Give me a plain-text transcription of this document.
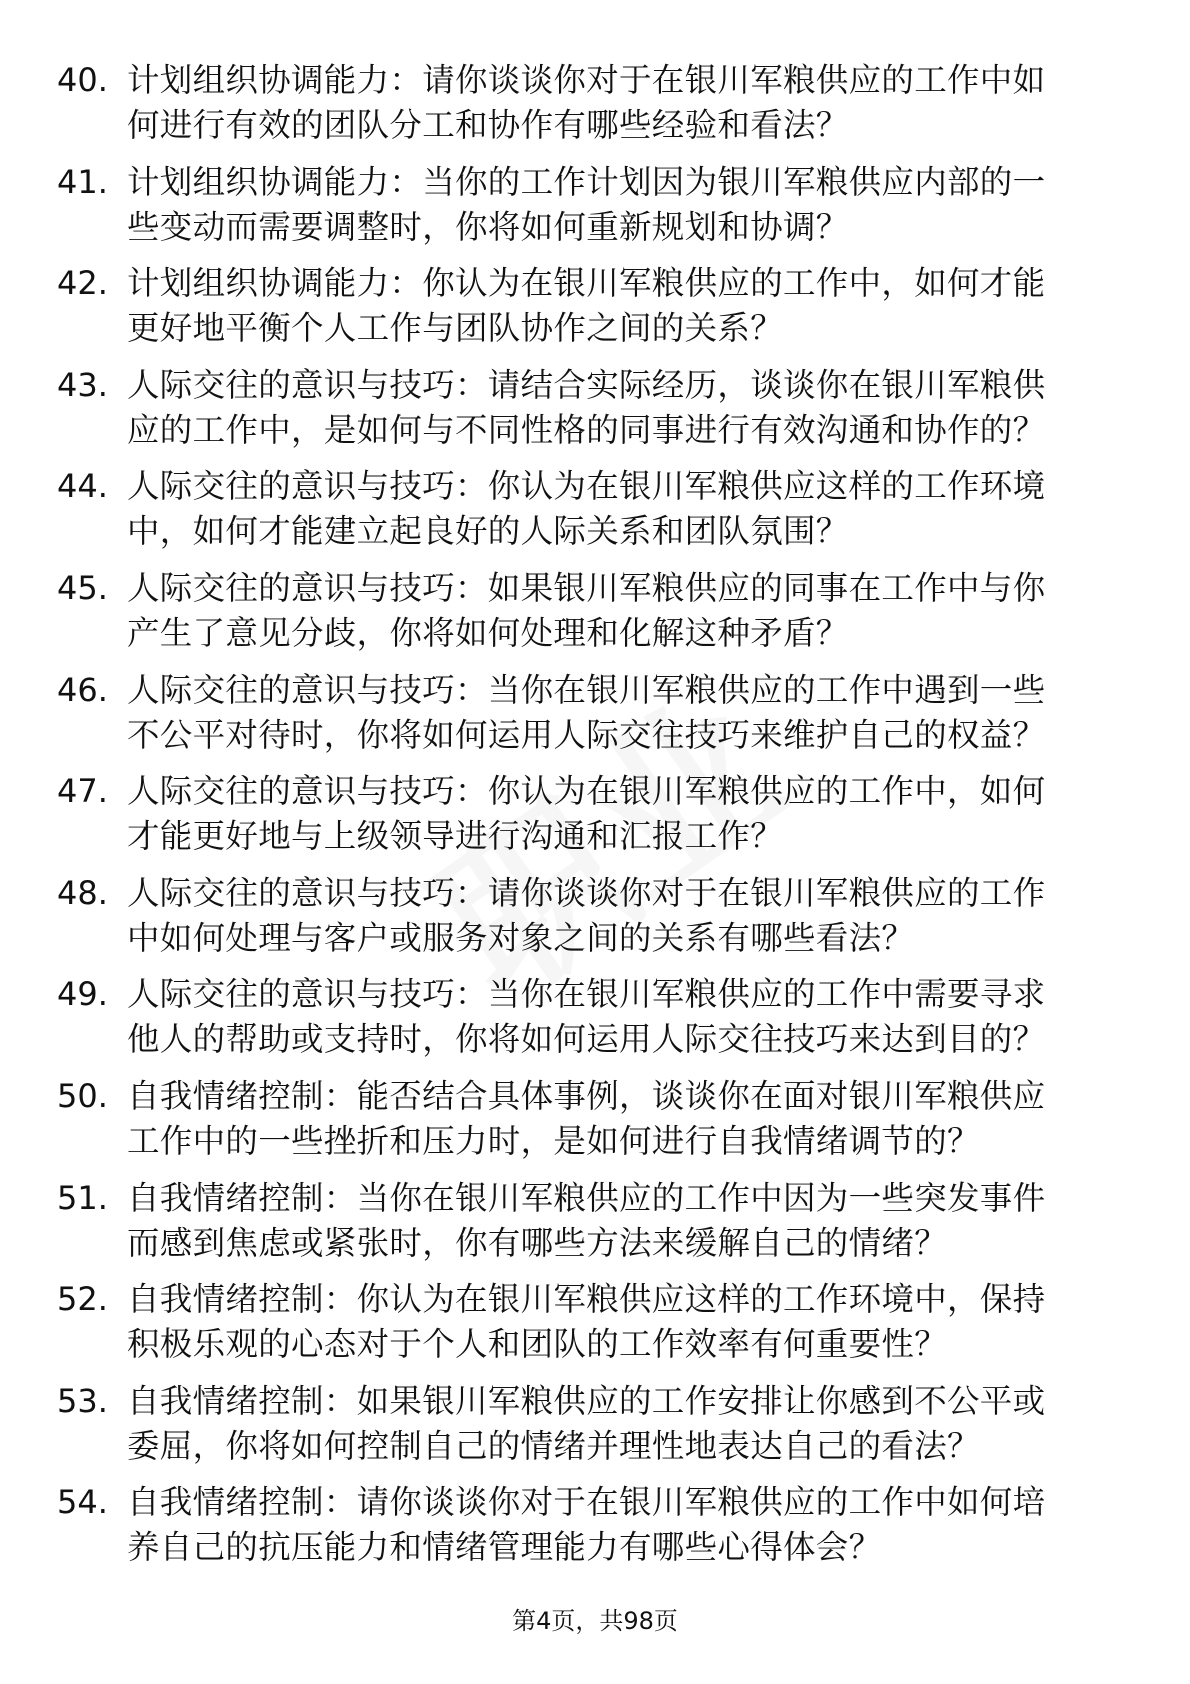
40. 计划组织协调能力：请你谈谈你对于在银川军粮供应的工作中如
何进行有效的团队分工和协作有哪些经验和看法？
41. 计划组织协调能力：当你的工作计划因为银川军粮供应内部的一
些变动而需要调整时，你将如何重新规划和协调？
42. 计划组织协调能力：你认为在银川军粮供应的工作中，如何才能
更好地平衡个人工作与团队协作之间的关系？
43. 人际交往的意识与技巧：请结合实际经历，谈谈你在银川军粮供
应的工作中，是如何与不同性格的同事进行有效沟通和协作的？
44. 人际交往的意识与技巧：你认为在银川军粮供应这样的工作环境
中，如何才能建立起良好的人际关系和团队氛围？
45. 人际交往的意识与技巧：如果银川军粮供应的同事在工作中与你
产生了意见分歧，你将如何处理和化解这种矛盾？
46. 人际交往的意识与技巧：当你在银川军粮供应的工作中遇到一些
不公平对待时，你将如何运用人际交往技巧来维护自己的权益？
47. 人际交往的意识与技巧：你认为在银川军粮供应的工作中，如何
才能更好地与上级领导进行沟通和汇报工作？
48. 人际交往的意识与技巧：请你谈谈你对于在银川军粮供应的工作
中如何处理与客户或服务对象之间的关系有哪些看法？
49. 人际交往的意识与技巧：当你在银川军粮供应的工作中需要寻求
他人的帮助或支持时，你将如何运用人际交往技巧来达到目的？
50. 自我情绪控制：能否结合具体事例，谈谈你在面对银川军粮供应
工作中的一些挫折和压力时，是如何进行自我情绪调节的？
51. 自我情绪控制：当你在银川军粮供应的工作中因为一些突发事件
而感到焦虑或紧张时，你有哪些方法来缓解自己的情绪？
52. 自我情绪控制：你认为在银川军粮供应这样的工作环境中，保持
积极乐观的心态对于个人和团队的工作效率有何重要性？
53. 自我情绪控制：如果银川军粮供应的工作安排让你感到不公平或
委屈，你将如何控制自己的情绪并理性地表达自己的看法？
54. 自我情绪控制：请你谈谈你对于在银川军粮供应的工作中如何培
养自己的抗压能力和情绪管理能力有哪些心得体会？
第4页，共98页
